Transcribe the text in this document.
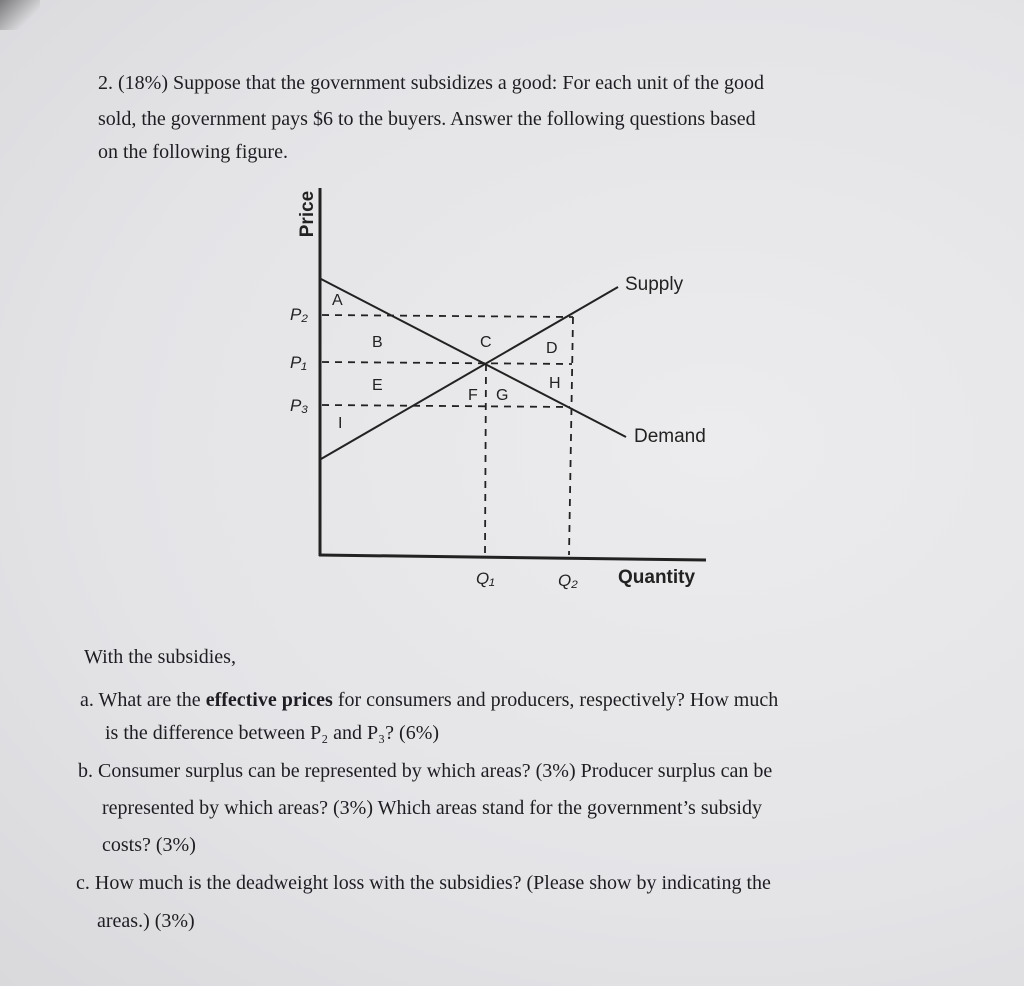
2. (18%) Suppose that the government subsidizes a good: For each unit of the good
sold, the government pays $6 to the buyers. Answer the following questions based
on the following figure.
Price
Quantity
Supply
Demand
P₂
P₁
P₃
Q₁	Q₂
A
B	C	D
E
F G
H
I
With the subsidies,
a. What are the effective prices for consumers and producers, respectively? How much
is the difference between P₂ and P₃? (6%)
b. Consumer surplus can be represented by which areas? (3%) Producer surplus can be
represented by which areas? (3%) Which areas stand for the government’s subsidy
costs? (3%)
c. How much is the deadweight loss with the subsidies? (Please show by indicating the
areas.) (3%)
